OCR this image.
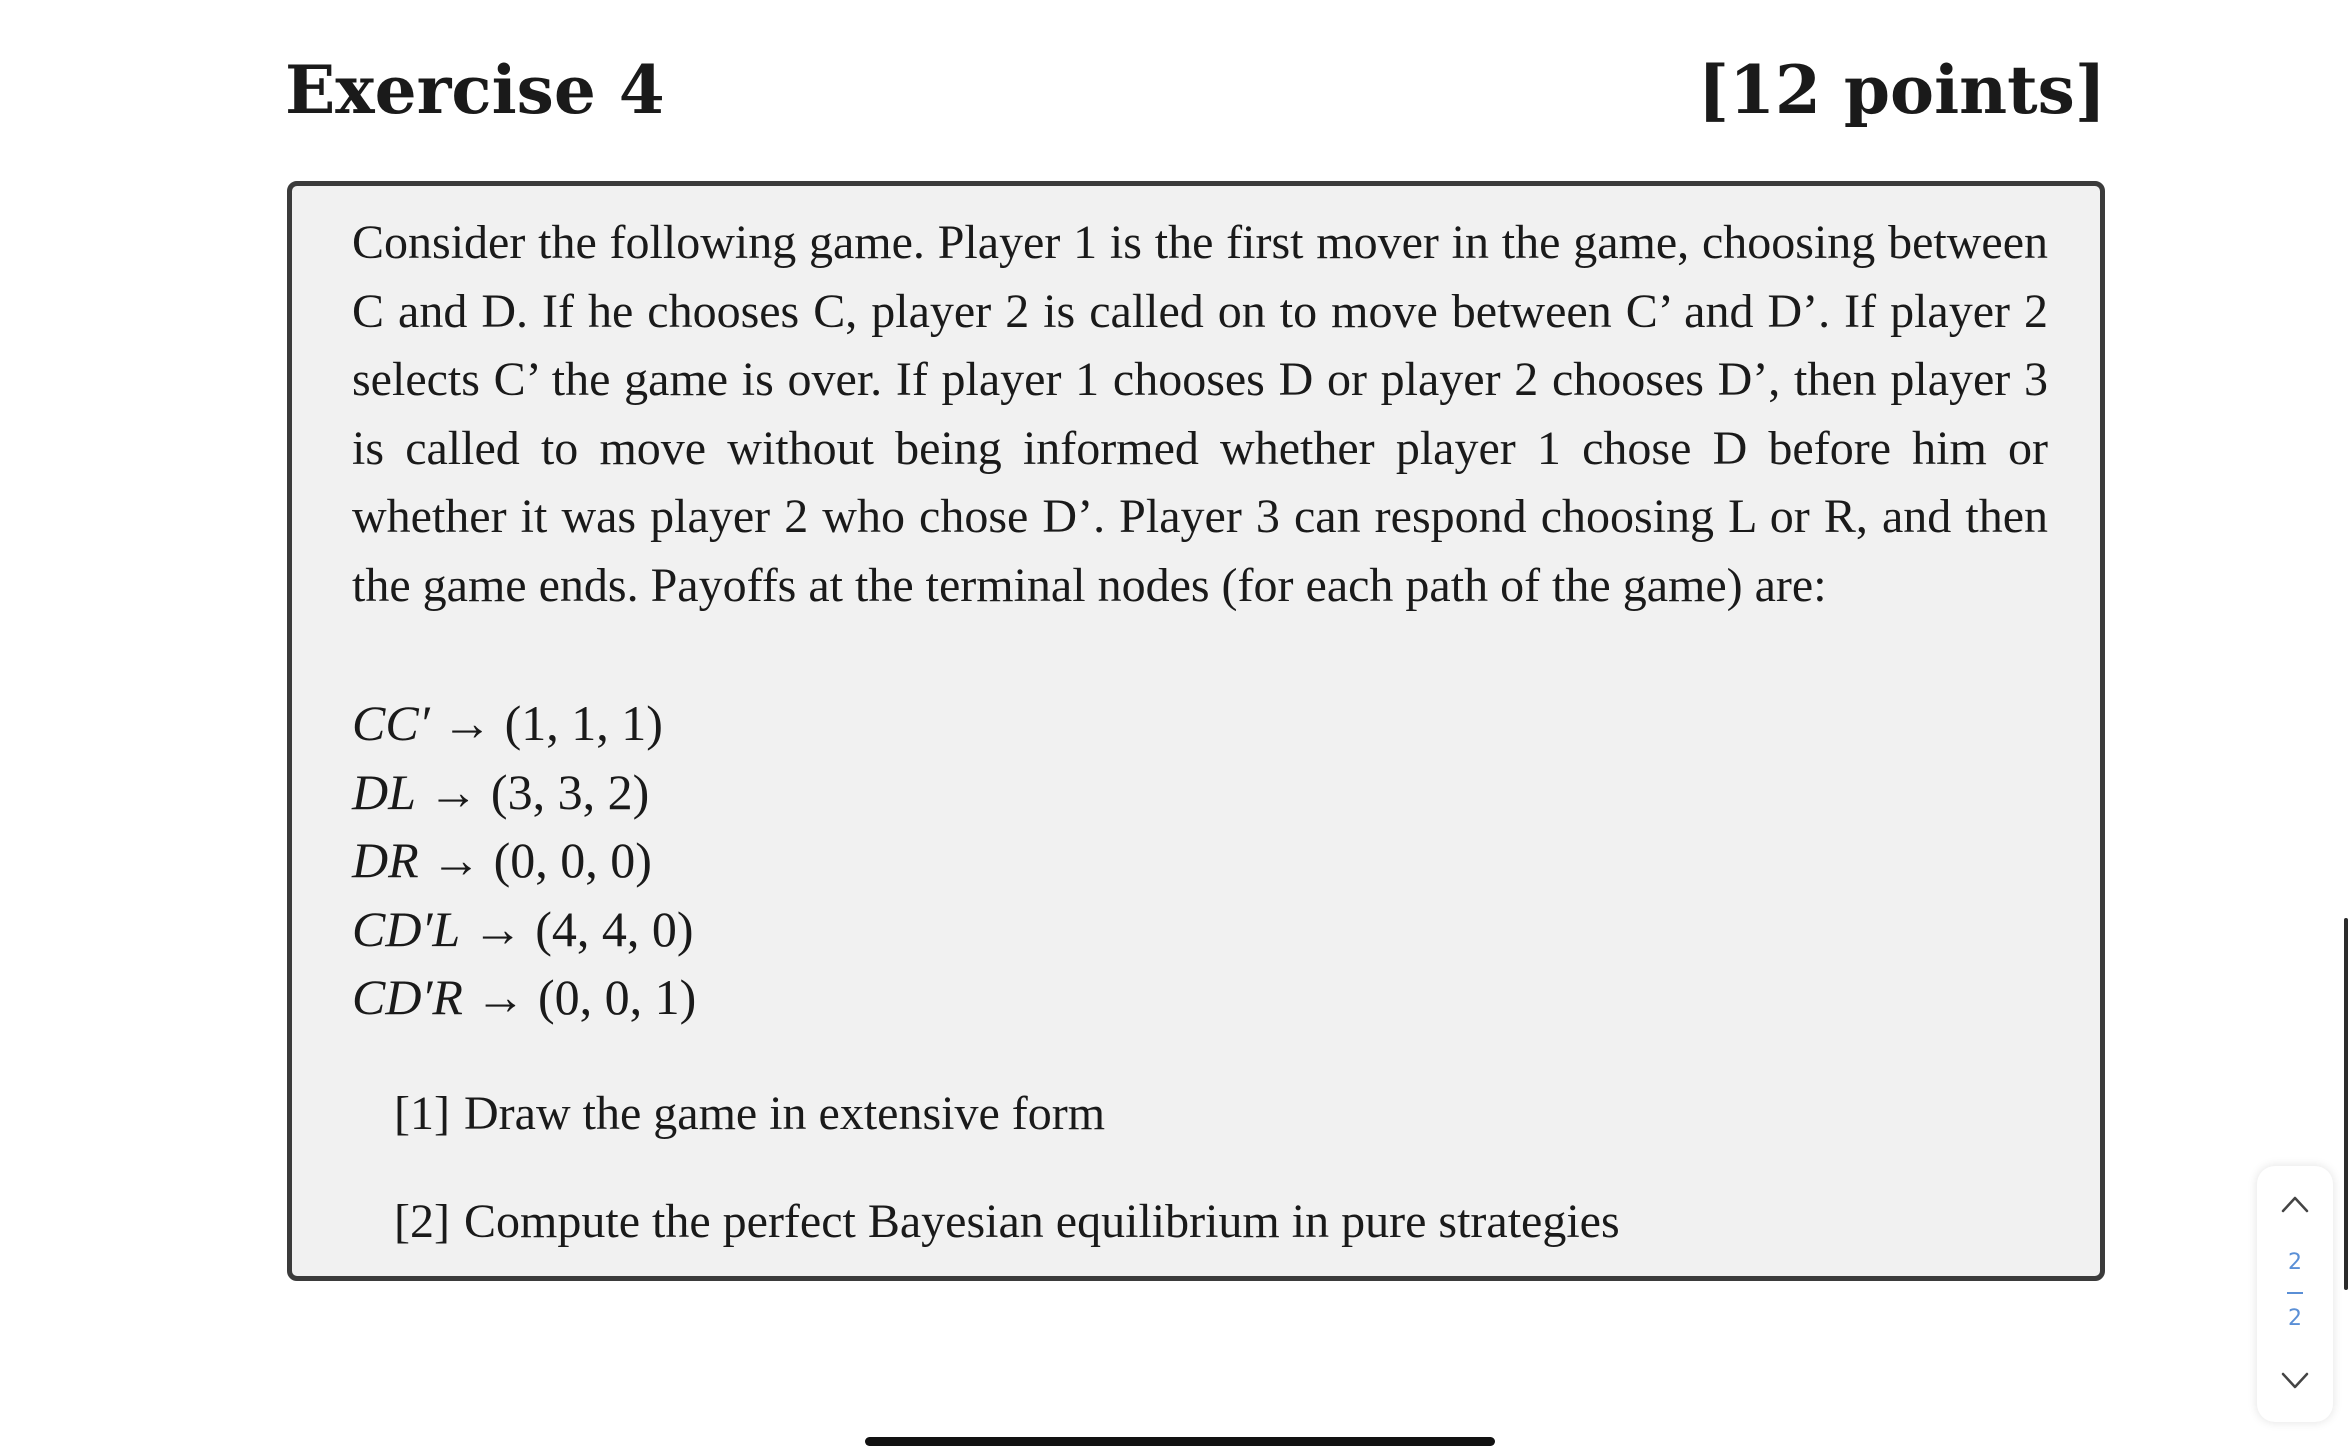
Exercise 4	[12 points]
Consider the following game. Player 1 is the first mover in the game, choosing between C and D. If he chooses C, player 2 is called on to move between C’ and D’. If player 2 selects C’ the game is over. If player 1 chooses D or player 2 chooses D’, then player 3 is called to move without being informed whether player 1 chose D before him or whether it was player 2 who chose D’. Player 3 can respond choosing L or R, and then the game ends. Payoffs at the terminal nodes (for each path of the game) are:
CC′ → (1, 1, 1)
DL → (3, 3, 2)
DR → (0, 0, 0)
CD′L → (4, 4, 0)
CD′R → (0, 0, 1)
[1] Draw the game in extensive form
[2] Compute the perfect Bayesian equilibrium in pure strategies
2
2
